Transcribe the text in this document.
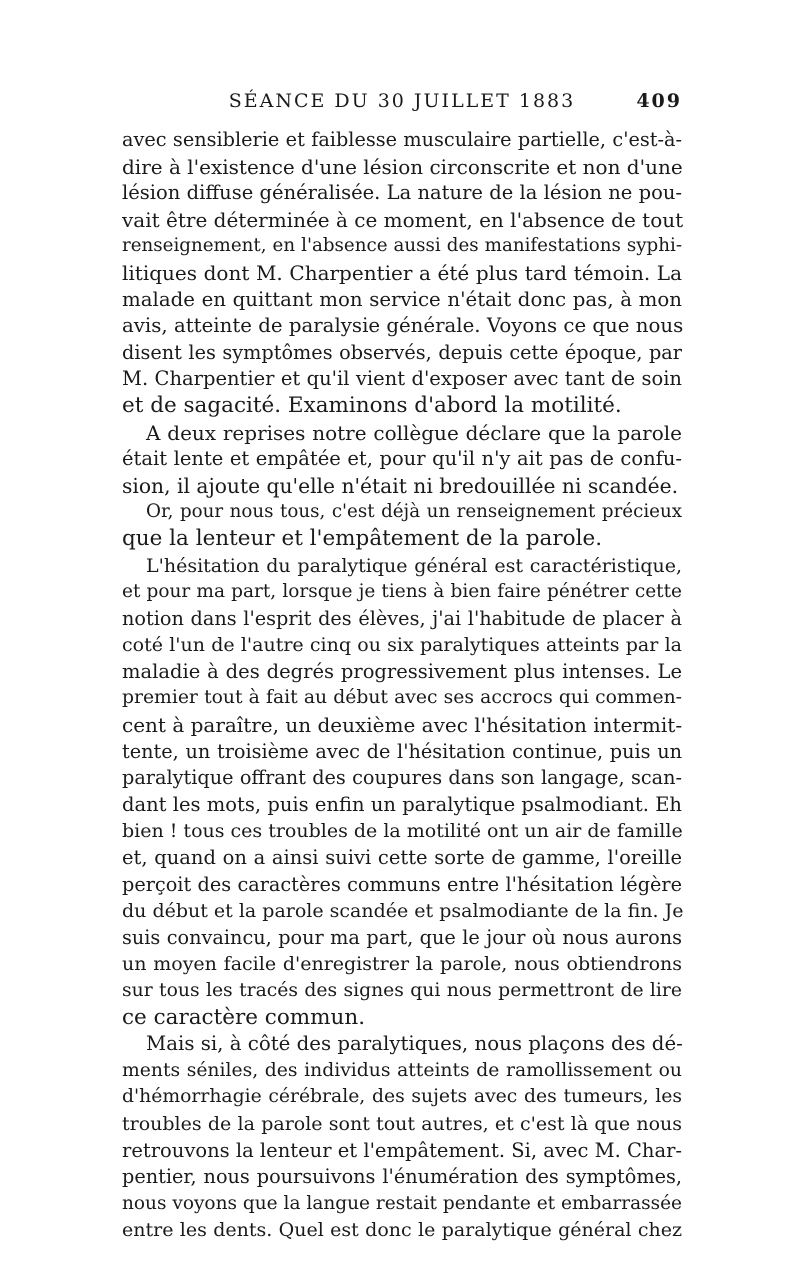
SÉANCE DU 30 JUILLET 1883	409
avec sensiblerie et faiblesse musculaire partielle, c'est-à-
dire à l'existence d'une lésion circonscrite et non d'une
lésion diffuse généralisée. La nature de la lésion ne pou-
vait être déterminée à ce moment, en l'absence de tout
renseignement, en l'absence aussi des manifestations syphi-
litiques dont M. Charpentier a été plus tard témoin. La
malade en quittant mon service n'était donc pas, à mon
avis, atteinte de paralysie générale. Voyons ce que nous
disent les symptômes observés, depuis cette époque, par
M. Charpentier et qu'il vient d'exposer avec tant de soin
et de sagacité. Examinons d'abord la motilité.
A deux reprises notre collègue déclare que la parole
était lente et empâtée et, pour qu'il n'y ait pas de confu-
sion, il ajoute qu'elle n'était ni bredouillée ni scandée.
Or, pour nous tous, c'est déjà un renseignement précieux
que la lenteur et l'empâtement de la parole.
L'hésitation du paralytique général est caractéristique,
et pour ma part, lorsque je tiens à bien faire pénétrer cette
notion dans l'esprit des élèves, j'ai l'habitude de placer à
coté l'un de l'autre cinq ou six paralytiques atteints par la
maladie à des degrés progressivement plus intenses. Le
premier tout à fait au début avec ses accrocs qui commen-
cent à paraître, un deuxième avec l'hésitation intermit-
tente, un troisième avec de l'hésitation continue, puis un
paralytique offrant des coupures dans son langage, scan-
dant les mots, puis enfin un paralytique psalmodiant. Eh
bien ! tous ces troubles de la motilité ont un air de famille
et, quand on a ainsi suivi cette sorte de gamme, l'oreille
perçoit des caractères communs entre l'hésitation légère
du début et la parole scandée et psalmodiante de la fin. Je
suis convaincu, pour ma part, que le jour où nous aurons
un moyen facile d'enregistrer la parole, nous obtiendrons
sur tous les tracés des signes qui nous permettront de lire
ce caractère commun.
Mais si, à côté des paralytiques, nous plaçons des dé-
ments séniles, des individus atteints de ramollissement ou
d'hémorrhagie cérébrale, des sujets avec des tumeurs, les
troubles de la parole sont tout autres, et c'est là que nous
retrouvons la lenteur et l'empâtement. Si, avec M. Char-
pentier, nous poursuivons l'énumération des symptômes,
nous voyons que la langue restait pendante et embarrassée
entre les dents. Quel est donc le paralytique général chez
